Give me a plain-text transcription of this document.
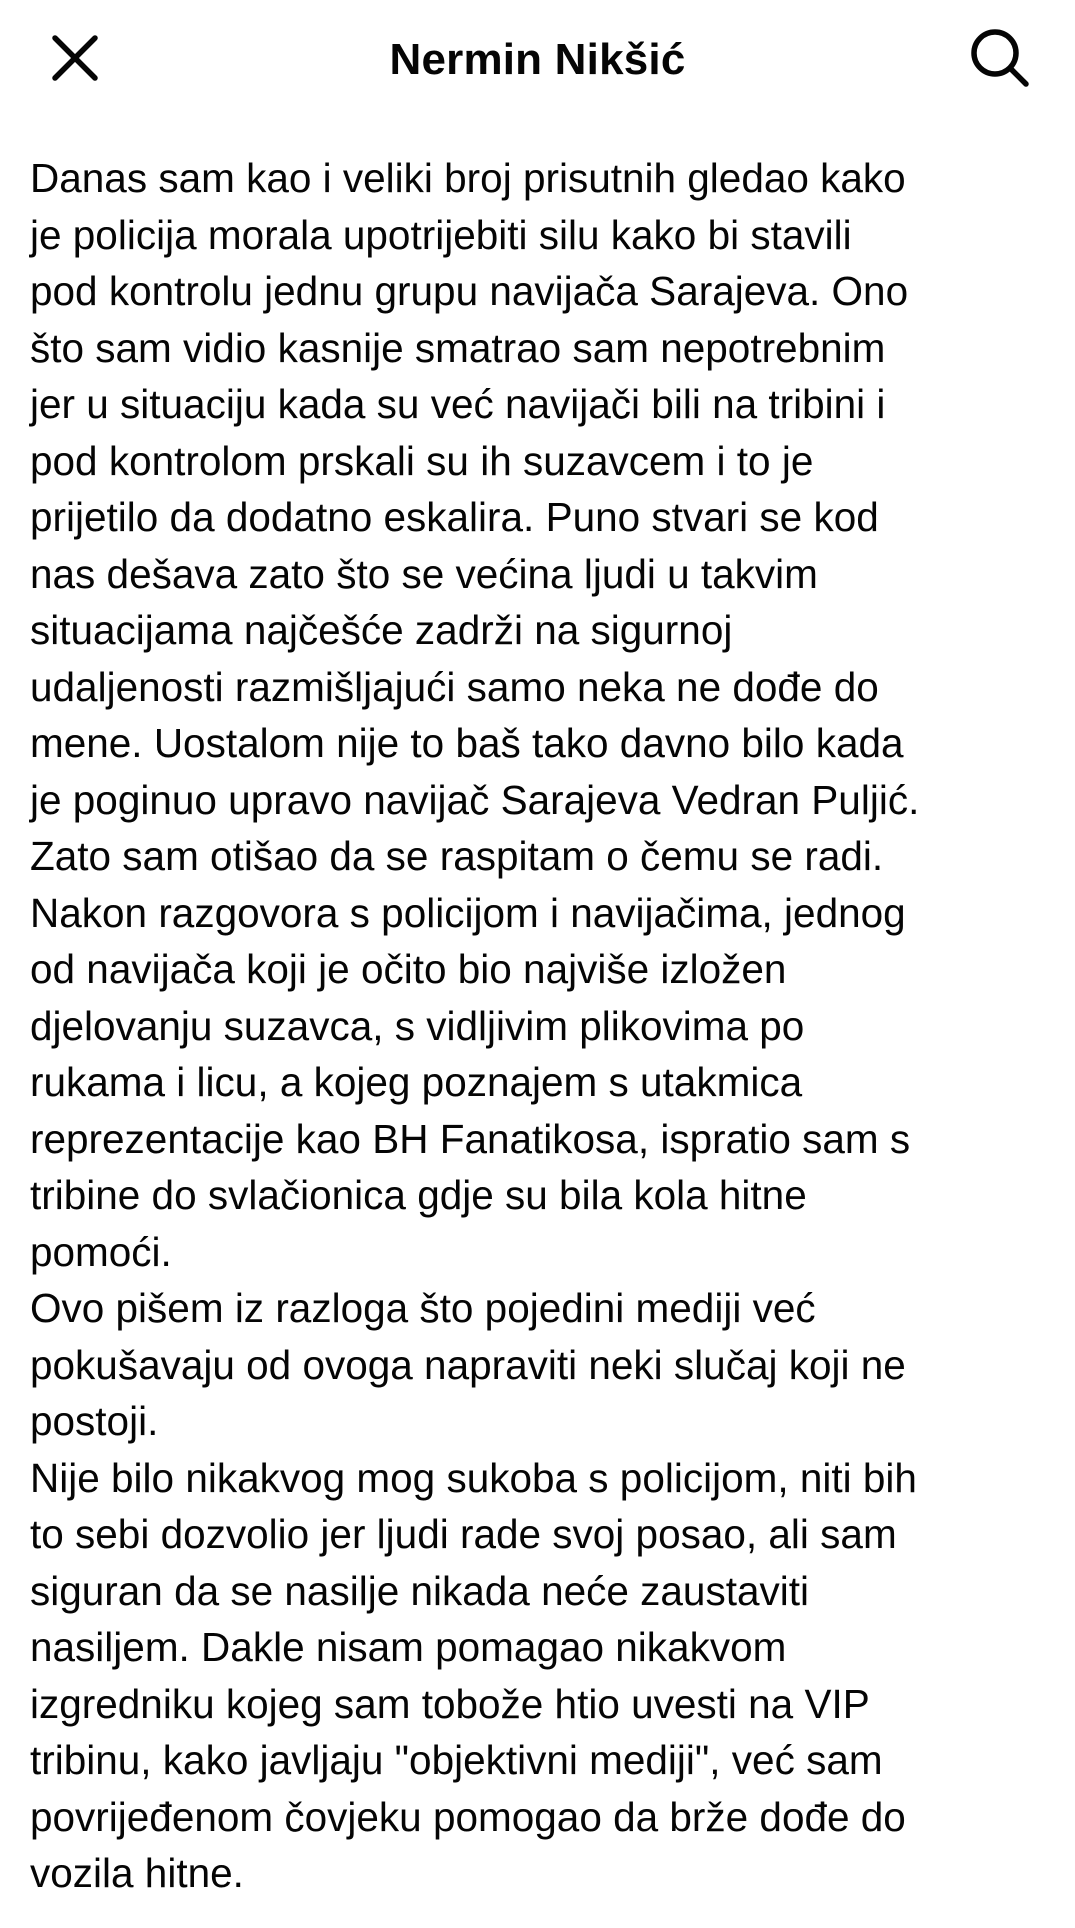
Nermin Nikšić
Danas sam kao i veliki broj prisutnih gledao kako
je policija morala upotrijebiti silu kako bi stavili
pod kontrolu jednu grupu navijača Sarajeva. Ono
što sam vidio kasnije smatrao sam nepotrebnim
jer u situaciju kada su već navijači bili na tribini i
pod kontrolom prskali su ih suzavcem i to je
prijetilo da dodatno eskalira. Puno stvari se kod
nas dešava zato što se većina ljudi u takvim
situacijama najčešće zadrži na sigurnoj
udaljenosti razmišljajući samo neka ne dođe do
mene. Uostalom nije to baš tako davno bilo kada
je poginuo upravo navijač Sarajeva Vedran Puljić.
Zato sam otišao da se raspitam o čemu se radi.
Nakon razgovora s policijom i navijačima, jednog
od navijača koji je očito bio najviše izložen
djelovanju suzavca, s vidljivim plikovima po
rukama i licu, a kojeg poznajem s utakmica
reprezentacije kao BH Fanatikosa, ispratio sam s
tribine do svlačionica gdje su bila kola hitne
pomoći.
Ovo pišem iz razloga što pojedini mediji već
pokušavaju od ovoga napraviti neki slučaj koji ne
postoji.
Nije bilo nikakvog mog sukoba s policijom, niti bih
to sebi dozvolio jer ljudi rade svoj posao, ali sam
siguran da se nasilje nikada neće zaustaviti
nasiljem. Dakle nisam pomagao nikakvom
izgredniku kojeg sam tobože htio uvesti na VIP
tribinu, kako javljaju "objektivni mediji", već sam
povrijeđenom čovjeku pomogao da brže dođe do
vozila hitne.
